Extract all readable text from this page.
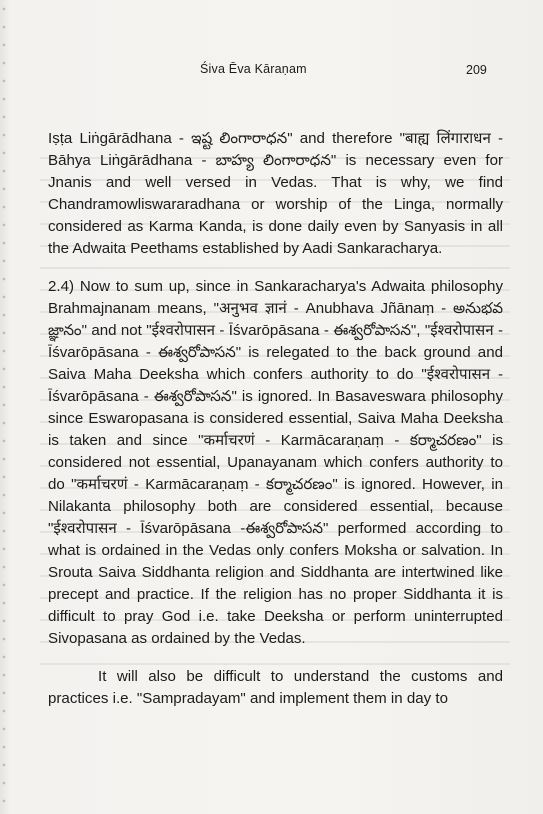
Śiva Ēva Kāraṇam	209

Iṣṭa Liṅgārādhana - ఇష్ట లింగారాధన" and therefore "बाह्य लिंगाराधन - Bāhya Liṅgārādhana - బాహ్య లింగారాధన" is necessary even for Jnanis and well versed in Vedas. That is why, we find Chandramowliswararadhana or worship of the Linga, normally considered as Karma Kanda, is done daily even by Sanyasis in all the Adwaita Peethams established by Aadi Sankaracharya.

2.4) Now to sum up, since in Sankaracharya's Adwaita philosophy Brahmajnanam means, "अनुभव ज्ञानं - Anubhava Jñānaṃ - అనుభవ జ్ఞానం" and not "ईश्वरोपासन - Īśvarōpāsana - ఈశ్వరోపాసన", "ईश्वरोपासन - Īśvarōpāsana - ఈశ్వరోపాసన" is relegated to the back ground and Saiva Maha Deeksha which confers authority to do "ईश्वरोपासन - Īśvarōpāsana - ఈశ్వరోపాసన" is ignored. In Basaveswara philosophy since Eswaropasana is considered essential, Saiva Maha Deeksha is taken and since "कर्माचरणं - Karmācaraṇaṃ - కర్మాచరణం" is considered not essential, Upanayanam which confers authority to do "कर्माचरणं - Karmācaraṇaṃ - కర్మాచరణం" is ignored. However, in Nilakanta philosophy both are considered essential, because "ईश्वरोपासन - Īśvarōpāsana -ఈశ్వరోపాసన" performed according to what is ordained in the Vedas only confers Moksha or salvation. In Srouta Saiva Siddhanta religion and Siddhanta are intertwined like precept and practice. If the religion has no proper Siddhanta it is difficult to pray God i.e. take Deeksha or perform uninterrupted Sivopasana as ordained by the Vedas.

It will also be difficult to understand the customs and practices i.e. "Sampradayam" and implement them in day to
